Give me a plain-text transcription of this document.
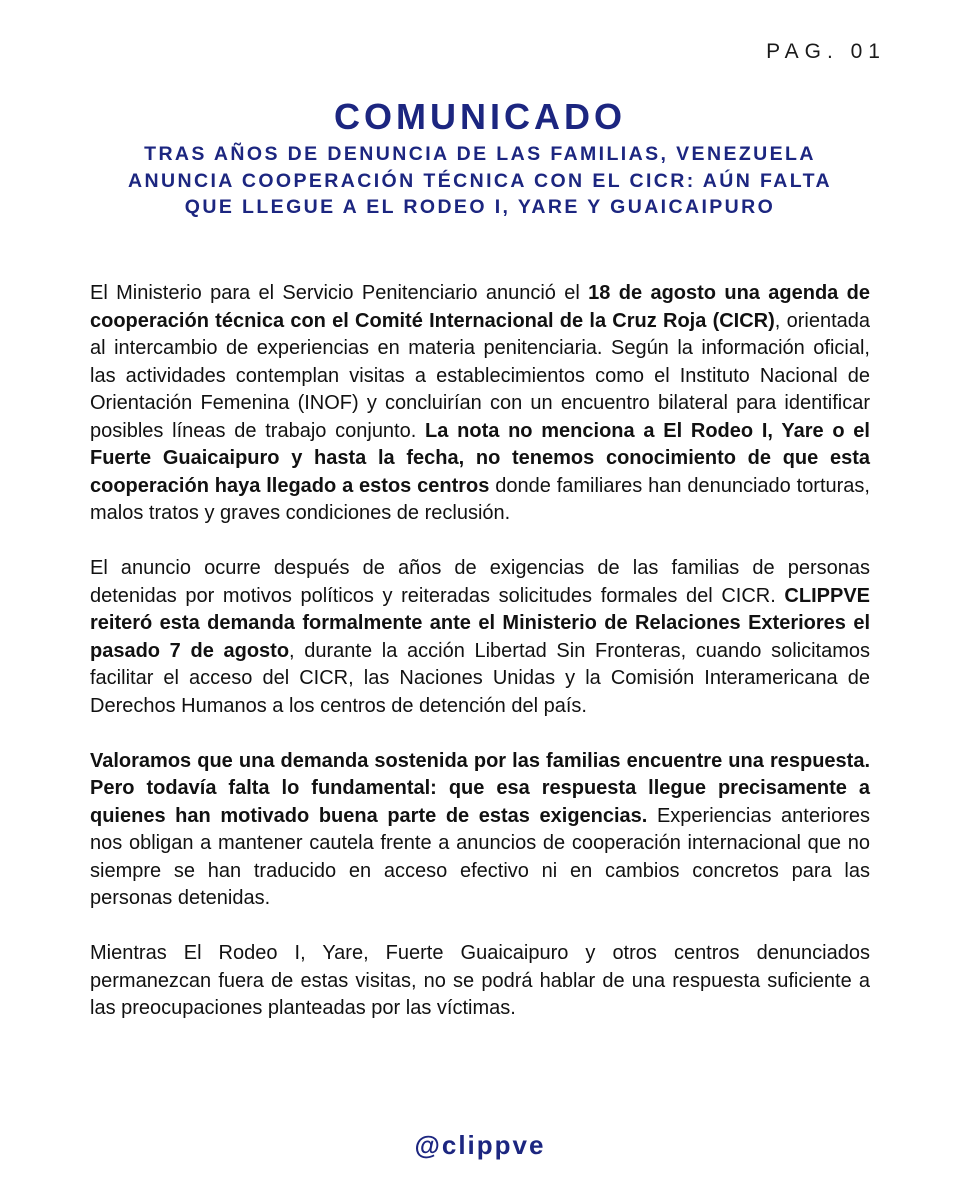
PAG. 01
COMUNICADO
TRAS AÑOS DE DENUNCIA DE LAS FAMILIAS, VENEZUELA ANUNCIA COOPERACIÓN TÉCNICA CON EL CICR: AÚN FALTA QUE LLEGUE A EL RODEO I, YARE Y GUAICAIPURO

El Ministerio para el Servicio Penitenciario anunció el 18 de agosto una agenda de cooperación técnica con el Comité Internacional de la Cruz Roja (CICR), orientada al intercambio de experiencias en materia penitenciaria. Según la información oficial, las actividades contemplan visitas a establecimientos como el Instituto Nacional de Orientación Femenina (INOF) y concluirían con un encuentro bilateral para identificar posibles líneas de trabajo conjunto. La nota no menciona a El Rodeo I, Yare o el Fuerte Guaicaipuro y hasta la fecha, no tenemos conocimiento de que esta cooperación haya llegado a estos centros donde familiares han denunciado torturas, malos tratos y graves condiciones de reclusión.

El anuncio ocurre después de años de exigencias de las familias de personas detenidas por motivos políticos y reiteradas solicitudes formales del CICR. CLIPPVE reiteró esta demanda formalmente ante el Ministerio de Relaciones Exteriores el pasado 7 de agosto, durante la acción Libertad Sin Fronteras, cuando solicitamos facilitar el acceso del CICR, las Naciones Unidas y la Comisión Interamericana de Derechos Humanos a los centros de detención del país.

Valoramos que una demanda sostenida por las familias encuentre una respuesta. Pero todavía falta lo fundamental: que esa respuesta llegue precisamente a quienes han motivado buena parte de estas exigencias. Experiencias anteriores nos obligan a mantener cautela frente a anuncios de cooperación internacional que no siempre se han traducido en acceso efectivo ni en cambios concretos para las personas detenidas.

Mientras El Rodeo I, Yare, Fuerte Guaicaipuro y otros centros denunciados permanezcan fuera de estas visitas, no se podrá hablar de una respuesta suficiente a las preocupaciones planteadas por las víctimas.

@clippve
